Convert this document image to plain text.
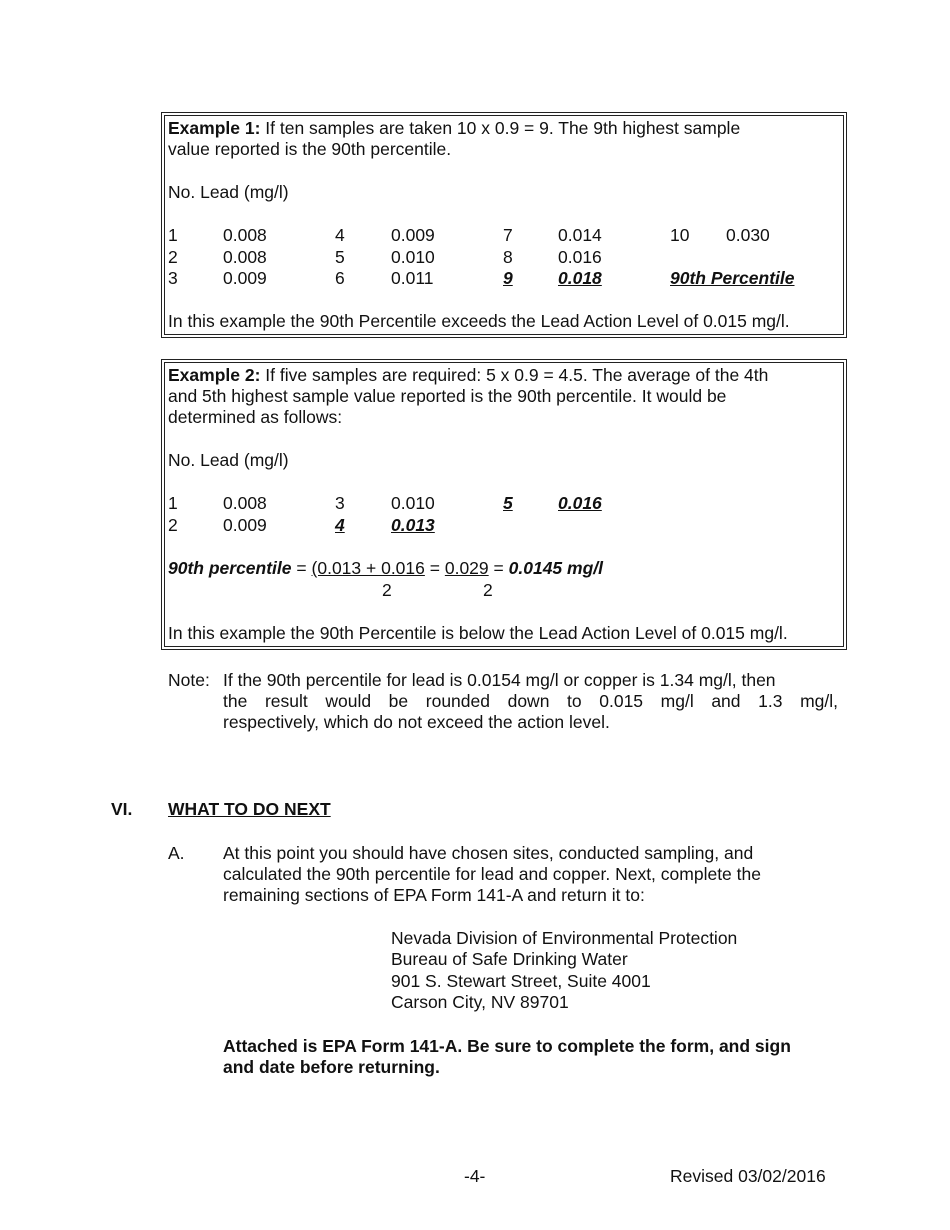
Example 1: If ten samples are taken 10 x 0.9 = 9. The 9th highest sample
value reported is the 90th percentile.
No. Lead (mg/l)
1	0.008
2	0.008
3	0.009
4	0.009
5	0.010
6	0.011
7	0.014
8	0.016
9	0.018
10 0.030
90th Percentile
In this example the 90th Percentile exceeds the Lead Action Level of 0.015 mg/l.
Example 2: If five samples are required: 5 x 0.9 = 4.5. The average of the 4th
and 5th highest sample value reported is the 90th percentile. It would be
determined as follows:
No. Lead (mg/l)
1	0.008
2	0.009
3	0.010
4	0.013
5	0.016
90th percentile = (0.013 + 0.016 = 0.029 = 0.0145 mg/l
2	2
In this example the 90th Percentile is below the Lead Action Level of 0.015 mg/l.
Note: If the 90th percentile for lead is 0.0154 mg/l or copper is 1.34 mg/l, then
the result would be rounded down to 0.015 mg/l and 1.3 mg/l,
respectively, which do not exceed the action level.
VI. WHAT TO DO NEXT
A. At this point you should have chosen sites, conducted sampling, and
calculated the 90th percentile for lead and copper. Next, complete the
remaining sections of EPA Form 141-A and return it to:
Nevada Division of Environmental Protection
Bureau of Safe Drinking Water
901 S. Stewart Street, Suite 4001
Carson City, NV 89701
Attached is EPA Form 141-A. Be sure to complete the form, and sign
and date before returning.
-4-	Revised 03/02/2016
